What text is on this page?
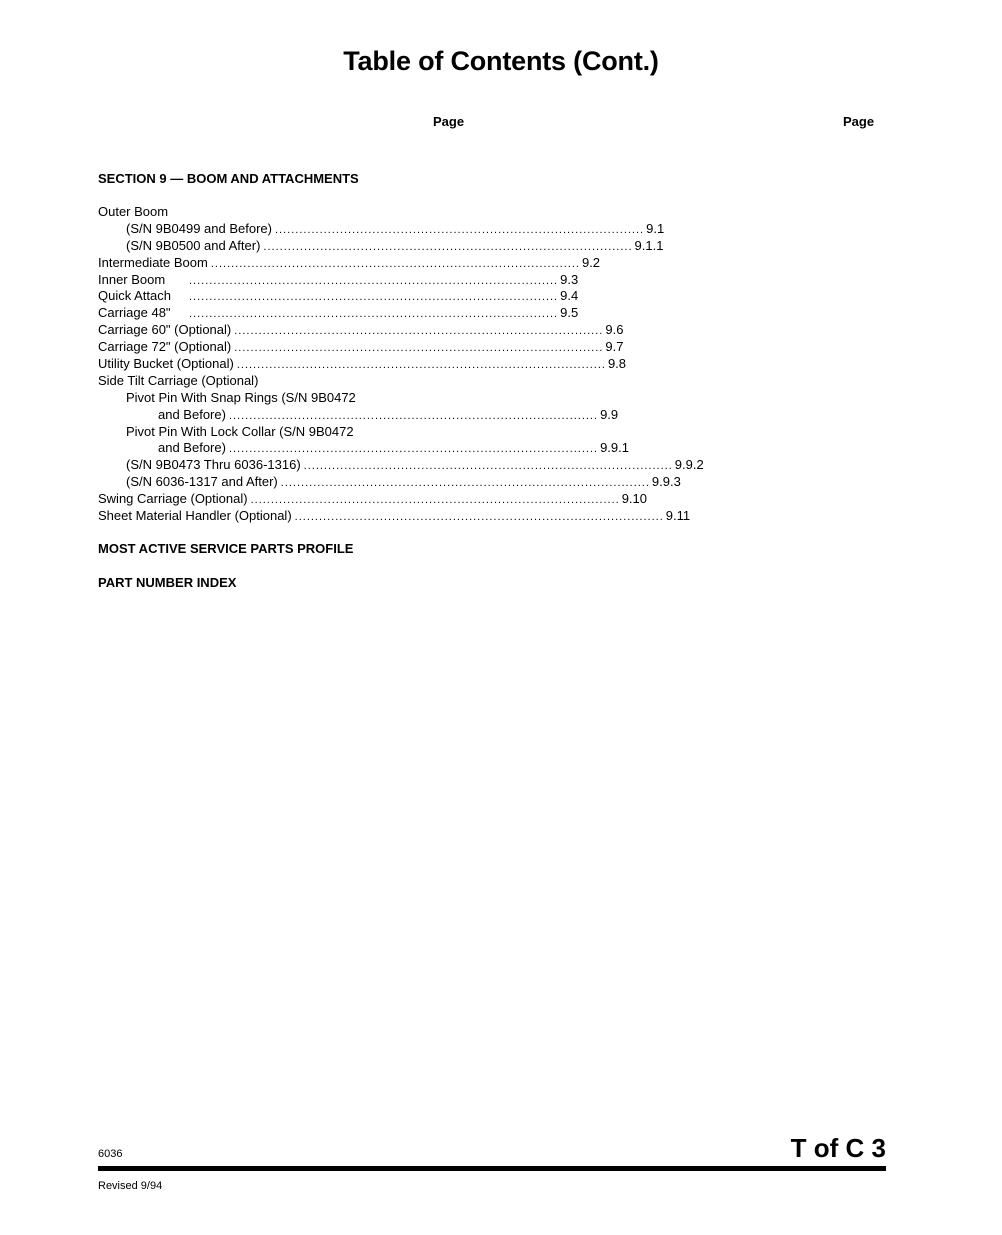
Table of Contents (Cont.)
Page	Page
SECTION 9 — BOOM AND ATTACHMENTS
Outer Boom
(S/N 9B0499 and Before) ........................................................................................... 9.1
(S/N 9B0500 and After) ........................................................................................... 9.1.1
Intermediate Boom ........................................................................................... 9.2
Inner Boom	........................................................................................... 9.3
Quick Attach	........................................................................................... 9.4
Carriage 48"	........................................................................................... 9.5
Carriage 60" (Optional) ........................................................................................... 9.6
Carriage 72" (Optional) ........................................................................................... 9.7
Utility Bucket (Optional) ........................................................................................... 9.8
Side Tilt Carriage (Optional)
Pivot Pin With Snap Rings (S/N 9B0472
and Before) ........................................................................................... 9.9
Pivot Pin With Lock Collar (S/N 9B0472
and Before) ........................................................................................... 9.9.1
(S/N 9B0473 Thru 6036-1316) ........................................................................................... 9.9.2
(S/N 6036-1317 and After) ........................................................................................... 9.9.3
Swing Carriage (Optional) ........................................................................................... 9.10
Sheet Material Handler (Optional) ........................................................................................... 9.11
MOST ACTIVE SERVICE PARTS PROFILE
PART NUMBER INDEX
6036	T of C 3
Revised 9/94
